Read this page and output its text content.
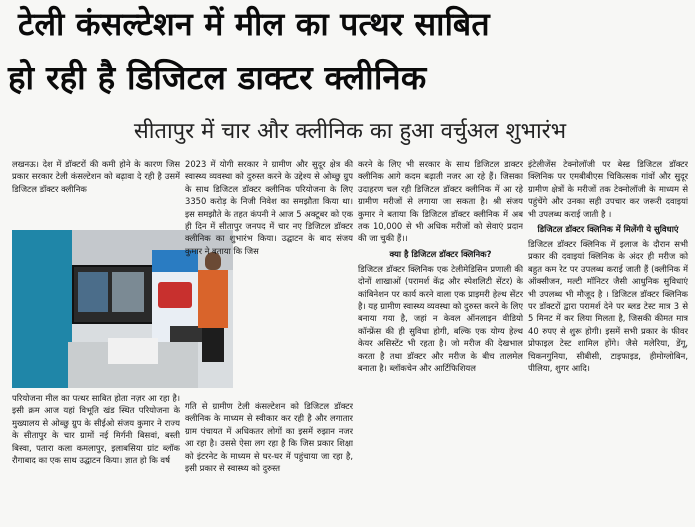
टेली कंसल्टेशन में मील का पत्थर साबित
हो रही है डिजिटल डाक्टर क्लीनिक
सीतापुर में चार और क्लीनिक का हुआ वर्चुअल शुभारंभ

लखनऊ। देश में डॉक्टरों की कमी होने के कारण जिस प्रकार सरकार टेली कंसल्टेशन को बढ़ावा दे रही है उसमें डिजिटल डॉक्टर क्लीनिक

परियोजना मील का पत्थर साबित होता नज़र आ रहा है। इसी क्रम आज यहां विभूति खंड स्थित परियोजना के मुख्यालय से ओब्छु ग्रुप के सीईओ संजय कुमार ने राज्य के सीतापुर के चार ग्रामों नई मिर्गनी बिसवां, बस्ती बिस्वा, पतारा कला कमलापुर, इलाबसिया ग्रांट ब्लॉक रौगाबाद का एक साथ उद्घाटन किया। ज्ञात हो कि वर्ष

2023 में योगी सरकार ने ग्रामीण और सुदूर क्षेत्र की स्वास्थ्य व्यवस्था को दुरुस्त करने के उद्देश्य से ओब्छु ग्रुप के साथ डिजिटल डॉक्टर क्लीनिक परियोजना के लिए 3350 करोड़ के निजी निवेश का समझौता किया था। इस समझौते के तहत कंपनी ने आज 5 अक्टूबर को एक ही दिन में सीतापुर जनपद में चार नए डिजिटल डॉक्टर क्लीनिक का शुभारंभ किया। उद्घाटन के बाद संजय कुमार ने बताया कि जिस

गति से ग्रामीण टेली कंसल्टेशन को डिजिटल डॉक्टर क्लीनिक के माध्यम से स्वीकार कर रही है और लगातार ग्राम पंचायत में अधिकतर लोगों का इसमें रुझान नजर आ रहा है। उससे ऐसा लग रहा है कि जिस प्रकार शिक्षा को इंटरनेट के माध्यम से घर-घर में पहुंचाया जा रहा है, इसी प्रकार से स्वास्थ्य को दुरुस्त

करने के लिए भी सरकार के साथ डिजिटल डाक्टर क्लीनिक आगे कदम बढ़ाती नजर आ रहे हैं। जिसका उदाहरण चल रही डिजिटल डॉक्टर क्लीनिक में आ रहे ग्रामीण मरीजों से लगाया जा सकता है। श्री संजय कुमार ने बताया कि डिजिटल डॉक्टर क्लीनिक में अब तक 10,000 से भी अधिक मरीजों को सेवाएं प्रदान की जा चुकी हैं।।

क्या है डिजिटल डॉक्टर क्लिनिक?

डिजिटल डॉक्टर क्लिनिक एक टेलीमेडिसिन प्रणाली की दोनों शाखाओं (परामर्श केंद्र और स्पेशलिटी सेंटर) के कांबिनेशन पर कार्य करने वाला एक प्राइमरी हेल्थ सेंटर है। यह ग्रामीण स्वास्थ्य व्यवस्था को दुरुस्त करने के लिए बनाया गया है, जहां न केवल ऑनलाइन वीडियो कॉन्फ्रेंस की ही सुविधा होगी, बल्कि एक योग्य हेल्थ केयर असिस्टेंट भी रहता है। जो मरीज की देखभाल करता है तथा डॉक्टर और मरीज के बीच तालमेल बनाता है। ब्लॉकचेन और आर्टिफिशियल

इंटेलीजेंस टेक्नोलॉजी पर बेस्ड डिजिटल डॉक्टर क्लिनिक पर एमबीबीएस चिकित्सक गांवों और सुदूर ग्रामीण क्षेत्रों के मरीजों तक टेक्नोलॉजी के माध्यम से पहुंचेंगे और उनका सही उपचार कर जरूरी दवाइयां भी उपलब्ध कराई जाती है ।

डिजिटल डॉक्टर क्लिनिक में मिलेंगी ये सुविधाएं

डिजिटल डॉक्टर क्लिनिक में इलाज के दौरान सभी प्रकार की दवाइयां क्लिनिक के अंदर ही मरीज को बहुत कम रेट पर उपलब्ध कराई जाती हैं (क्लीनिक में ऑक्सीजन, मल्टी मॉनिटर जैसी आधुनिक सुविधाएं भी उपलब्ध भी मौजूद है । डिजिटल डॉक्टर क्लिनिक पर डॉक्टरों द्वारा परामर्श देने पर ब्लड टेस्ट मात्र 3 से 5 मिनट में कर लिया मिलता है, जिसकी कीमत मात्र 40 रुपए से शुरू होगी। इसमें सभी प्रकार के फीवर प्रोफाइल टेस्ट शामिल होंगे। जैसे मलेरिया, डेंगू, चिकनगुनिया, सीबीसी, टाइफाइड, हीमोग्लोबिन, पीलिया, शुगर आदि।
